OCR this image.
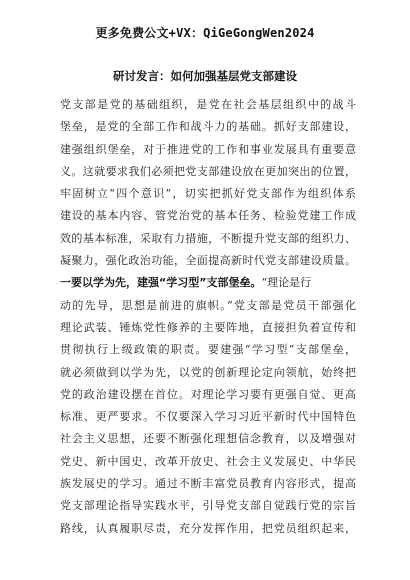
更多免费公文+VX：QiGeGongWen2024
研讨发言：如何加强基层党支部建设
党支部是党的基础组织，是党在社会基层组织中的战斗
堡垒，是党的全部工作和战斗力的基础。抓好支部建设，
建强组织堡垒，对于推进党的工作和事业发展具有重要意
义。这就要求我们必须把党支部建设放在更加突出的位置，
牢固树立“四个意识”，切实把抓好党支部作为组织体系
建设的基本内容、管党治党的基本任务、检验党建工作成
效的基本标准，采取有力措施，不断提升党支部的组织力、
凝聚力，强化政治功能，全面提高新时代党支部建设质量。
一要以学为先，建强“学习型”支部堡垒。“理论是行
动的先导，思想是前进的旗帜。”党支部是党员干部强化
理论武装、锤炼党性修养的主要阵地，直接担负着宣传和
贯彻执行上级政策的职责。要建强“学习型”支部堡垒，
就必须做到以学为先，以党的创新理论定向领航，始终把
党的政治建设摆在首位。对理论学习要有更强自觉、更高
标准、更严要求。不仅要深入学习习近平新时代中国特色
社会主义思想，还要不断强化理想信念教育，以及增强对
党史、新中国史、改革开放史、社会主义发展史、中华民
族发展史的学习。通过不断丰富党员教育内容形式，提高
党支部理论指导实践水平，引导党支部自觉践行党的宗旨
路线，认真履职尽责，充分发挥作用，把党员组织起来，
